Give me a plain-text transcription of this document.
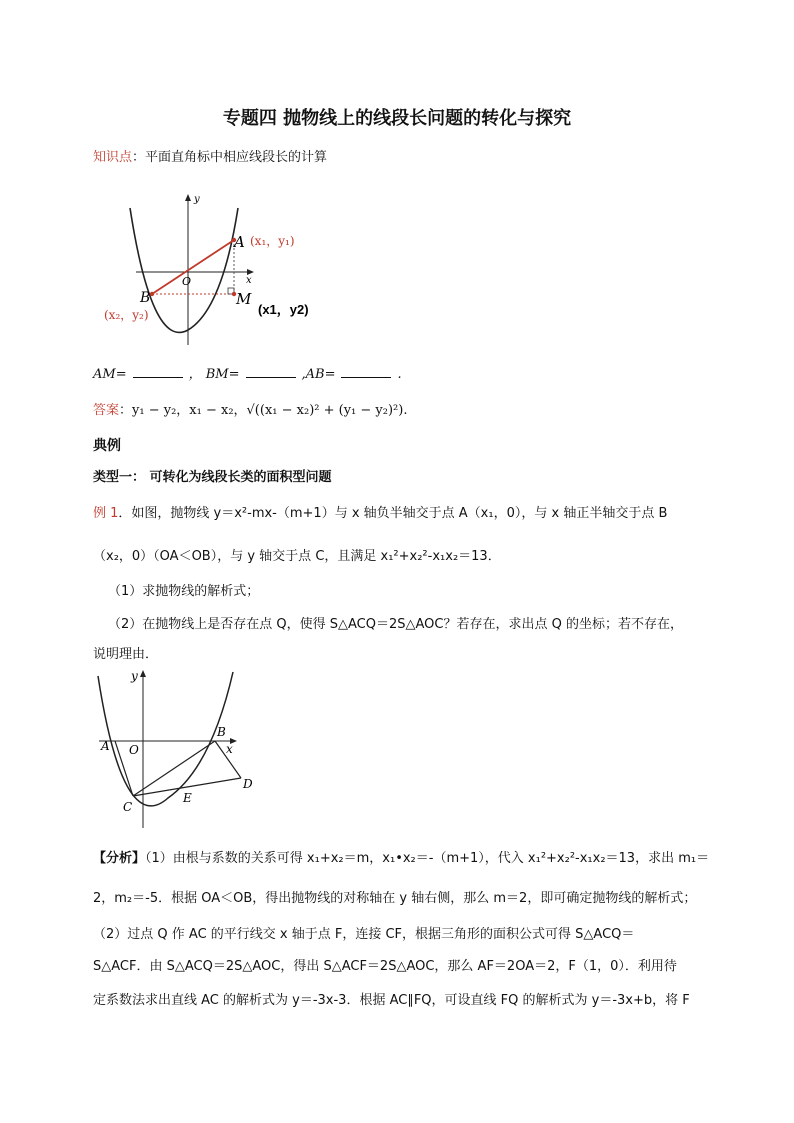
专题四 抛物线上的线段长问题的转化与探究
知识点：平面直角标中相应线段长的计算
y
x
O
A (x₁，y₁)
B
(x₂，y₂)
M
(x1，y2)
AM=	， BM=	,AB=	.
答案：y₁ − y₂，x₁ − x₂，√((x₁ − x₂)² + (y₁ − y₂)²).
典例
类型一： 可转化为线段长类的面积型问题
例 1．如图，抛物线 y＝x²-mx-（m+1）与 x 轴负半轴交于点 A（x₁，0），与 x 轴正半轴交于点 B
（x₂，0）（OA＜OB），与 y 轴交于点 C，且满足 x₁²+x₂²-x₁x₂＝13．
（1）求抛物线的解析式；
（2）在抛物线上是否存在点 Q，使得 S△ACQ＝2S△AOC？若存在，求出点 Q 的坐标；若不存在，
说明理由．
y
x
O
A
B
C
D
E
【分析】（1）由根与系数的关系可得 x₁+x₂＝m，x₁•x₂＝-（m+1），代入 x₁²+x₂²-x₁x₂＝13，求出 m₁＝
2，m₂＝-5．根据 OA＜OB，得出抛物线的对称轴在 y 轴右侧，那么 m＝2，即可确定抛物线的解析式；
（2）过点 Q 作 AC 的平行线交 x 轴于点 F，连接 CF，根据三角形的面积公式可得 S△ACQ＝
S△ACF．由 S△ACQ＝2S△AOC，得出 S△ACF＝2S△AOC，那么 AF＝2OA＝2，F（1，0）．利用待
定系数法求出直线 AC 的解析式为 y＝-3x-3．根据 AC∥FQ，可设直线 FQ 的解析式为 y＝-3x+b，将 F
